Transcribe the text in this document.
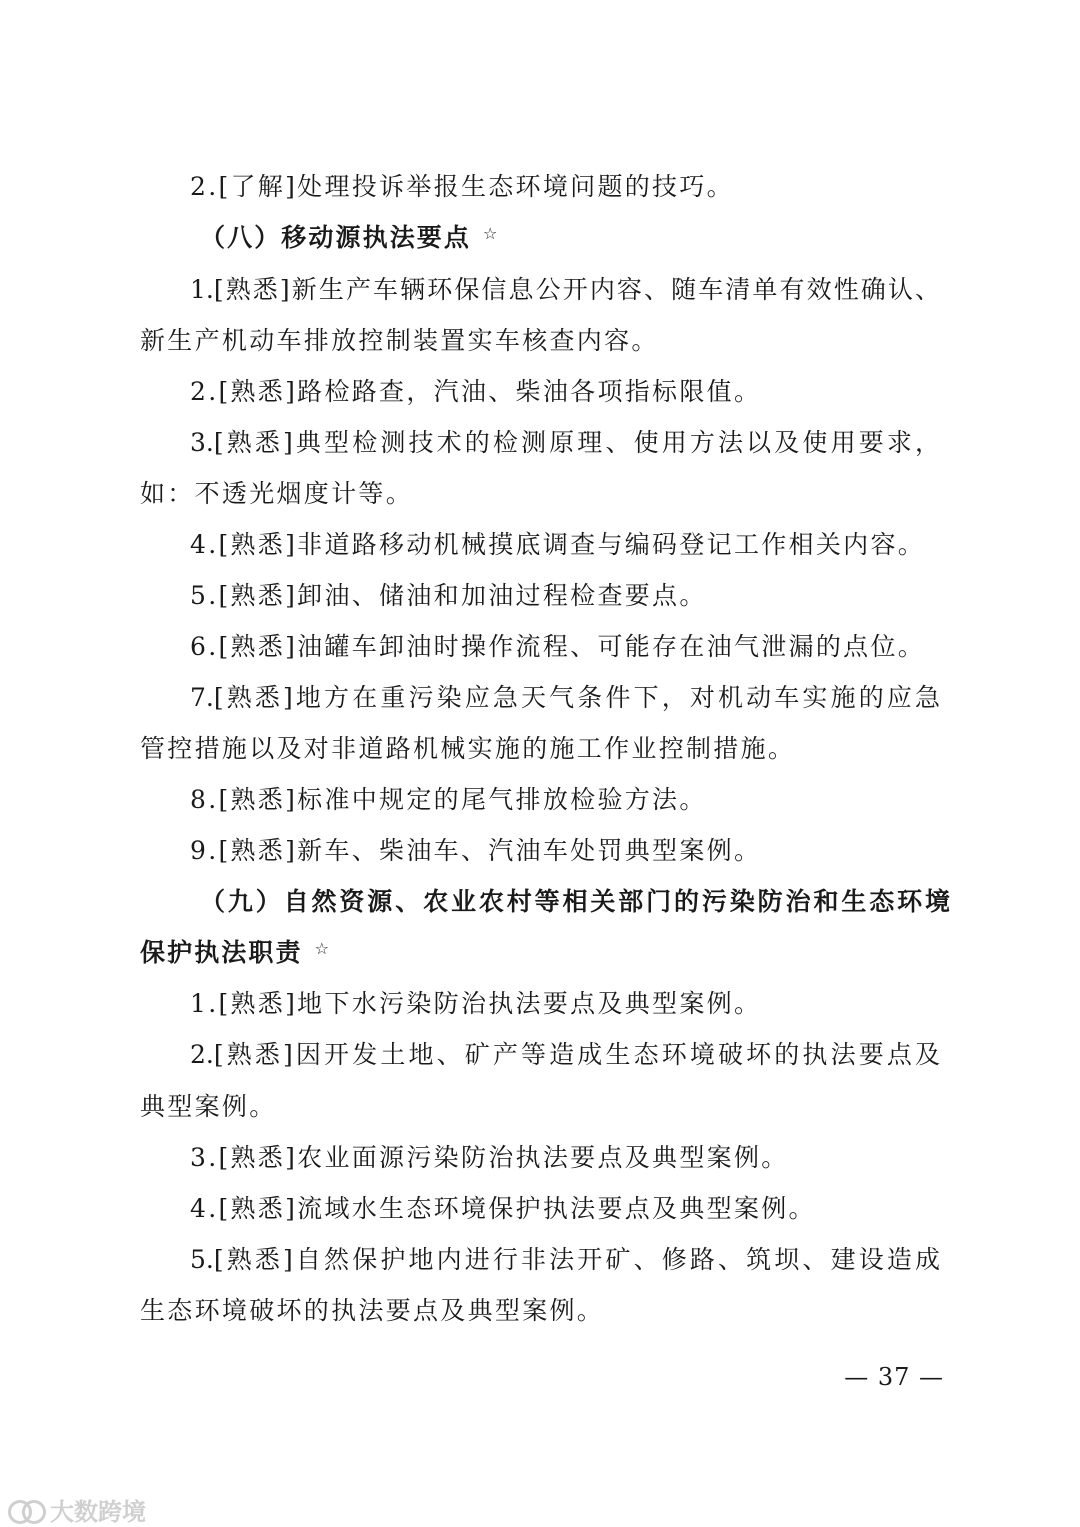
2.[了解]处理投诉举报生态环境问题的技巧。
（八）移动源执法要点 ☆
1.[熟悉]新生产车辆环保信息公开内容、随车清单有效性确认、
新生产机动车排放控制装置实车核查内容。
2.[熟悉]路检路查，汽油、柴油各项指标限值。
3.[熟悉]典型检测技术的检测原理、使用方法以及使用要求，
如：不透光烟度计等。
4.[熟悉]非道路移动机械摸底调查与编码登记工作相关内容。
5.[熟悉]卸油、储油和加油过程检查要点。
6.[熟悉]油罐车卸油时操作流程、可能存在油气泄漏的点位。
7.[熟悉]地方在重污染应急天气条件下，对机动车实施的应急
管控措施以及对非道路机械实施的施工作业控制措施。
8.[熟悉]标准中规定的尾气排放检验方法。
9.[熟悉]新车、柴油车、汽油车处罚典型案例。
（九）自然资源、农业农村等相关部门的污染防治和生态环境
保护执法职责 ☆
1.[熟悉]地下水污染防治执法要点及典型案例。
2.[熟悉]因开发土地、矿产等造成生态环境破坏的执法要点及
典型案例。
3.[熟悉]农业面源污染防治执法要点及典型案例。
4.[熟悉]流域水生态环境保护执法要点及典型案例。
5.[熟悉]自然保护地内进行非法开矿、修路、筑坝、建设造成
生态环境破坏的执法要点及典型案例。
— 37 —
大数跨境
